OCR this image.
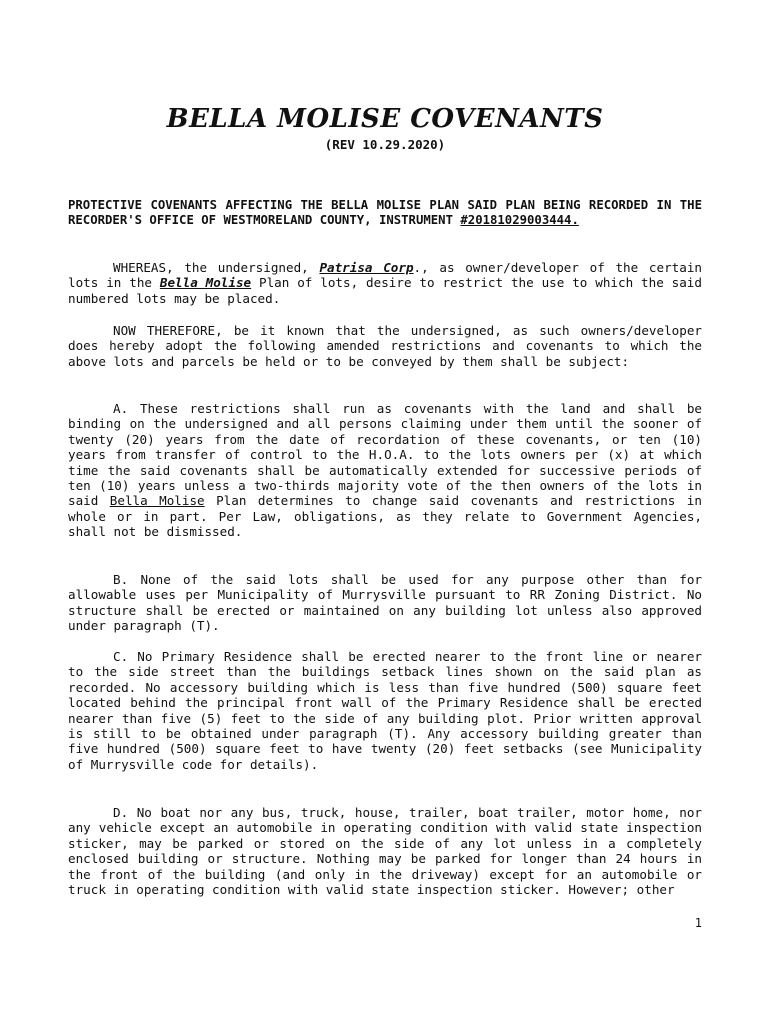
BELLA MOLISE COVENANTS
(REV 10.29.2020)

PROTECTIVE COVENANTS AFFECTING THE BELLA MOLISE PLAN SAID PLAN BEING RECORDED IN THE RECORDER'S OFFICE OF WESTMORELAND COUNTY, INSTRUMENT #20181029003444.

WHEREAS, the undersigned, Patrisa Corp., as owner/developer of the certain lots in the Bella Molise Plan of lots, desire to restrict the use to which the said numbered lots may be placed.

NOW THEREFORE, be it known that the undersigned, as such owners/developer does hereby adopt the following amended restrictions and covenants to which the above lots and parcels be held or to be conveyed by them shall be subject:

A. These restrictions shall run as covenants with the land and shall be binding on the undersigned and all persons claiming under them until the sooner of twenty (20) years from the date of recordation of these covenants, or ten (10) years from transfer of control to the H.O.A. to the lots owners per (x) at which time the said covenants shall be automatically extended for successive periods of ten (10) years unless a two-thirds majority vote of the then owners of the lots in said Bella Molise Plan determines to change said covenants and restrictions in whole or in part. Per Law, obligations, as they relate to Government Agencies, shall not be dismissed.

B. None of the said lots shall be used for any purpose other than for allowable uses per Municipality of Murrysville pursuant to RR Zoning District. No structure shall be erected or maintained on any building lot unless also approved under paragraph (T).

C. No Primary Residence shall be erected nearer to the front line or nearer to the side street than the buildings setback lines shown on the said plan as recorded. No accessory building which is less than five hundred (500) square feet located behind the principal front wall of the Primary Residence shall be erected nearer than five (5) feet to the side of any building plot. Prior written approval is still to be obtained under paragraph (T). Any accessory building greater than five hundred (500) square feet to have twenty (20) feet setbacks (see Municipality of Murrysville code for details).

D. No boat nor any bus, truck, house, trailer, boat trailer, motor home, nor any vehicle except an automobile in operating condition with valid state inspection sticker, may be parked or stored on the side of any lot unless in a completely enclosed building or structure. Nothing may be parked for longer than 24 hours in the front of the building (and only in the driveway) except for an automobile or truck in operating condition with valid state inspection sticker. However; other

1
